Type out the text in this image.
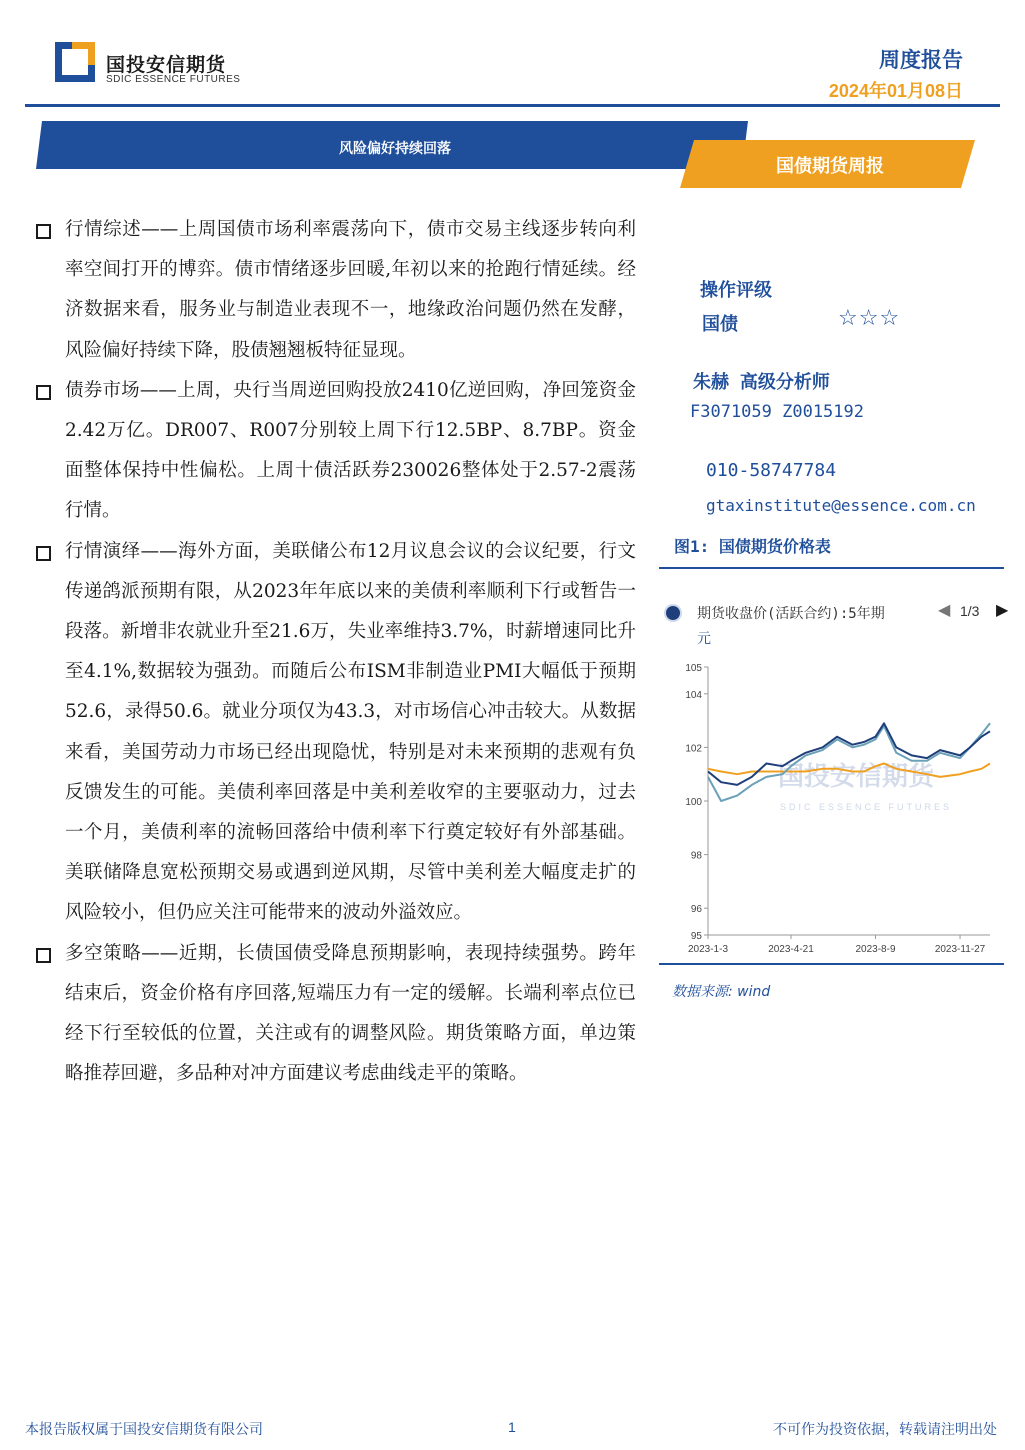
国投安信期货
SDIC ESSENCE FUTURES
周度报告
2024年01月08日
风险偏好持续回落
国债期货周报
行情综述——上周国债市场利率震荡向下，债市交易主线逐步转向利率空间打开的博弈。债市情绪逐步回暖,年初以来的抢跑行情延续。经济数据来看，服务业与制造业表现不一，地缘政治问题仍然在发酵，风险偏好持续下降，股债翘翘板特征显现。
债券市场——上周，央行当周逆回购投放2410亿逆回购，净回笼资金2.42万亿。DR007、R007分别较上周下行12.5BP、8.7BP。资金面整体保持中性偏松。上周十债活跃券230026整体处于2.57-2震荡行情。
行情演绎——海外方面，美联储公布12月议息会议的会议纪要，行文传递鸽派预期有限，从2023年年底以来的美债利率顺利下行或暂告一段落。新增非农就业升至21.6万，失业率维持3.7%，时薪增速同比升至4.1%,数据较为强劲。而随后公布ISM非制造业PMI大幅低于预期52.6，录得50.6。就业分项仅为43.3，对市场信心冲击较大。从数据来看，美国劳动力市场已经出现隐忧，特别是对未来预期的悲观有负反馈发生的可能。美债利率回落是中美利差收窄的主要驱动力，过去一个月，美债利率的流畅回落给中债利率下行奠定较好有外部基础。美联储降息宽松预期交易或遇到逆风期，尽管中美利差大幅度走扩的风险较小，但仍应关注可能带来的波动外溢效应。
多空策略——近期，长债国债受降息预期影响，表现持续强势。跨年结束后，资金价格有序回落,短端压力有一定的缓解。长端利率点位已经下行至较低的位置，关注或有的调整风险。期货策略方面，单边策略推荐回避，多品种对冲方面建议考虑曲线走平的策略。
操作评级
国债	☆☆☆
朱赫 高级分析师
F3071059 Z0015192
010-58747784
gtaxinstitute@essence.com.cn
图1: 国债期货价格表
期货收盘价(活跃合约):5年期
元
◀ 1/3 ▶
95
96
98
100
102
104
105
2023-1-3	2023-4-21	2023-8-9	2023-11-27
国投安信期货
SDIC ESSENCE FUTURES
数据来源: wind
本报告版权属于国投安信期货有限公司	1	不可作为投资依据，转载请注明出处
